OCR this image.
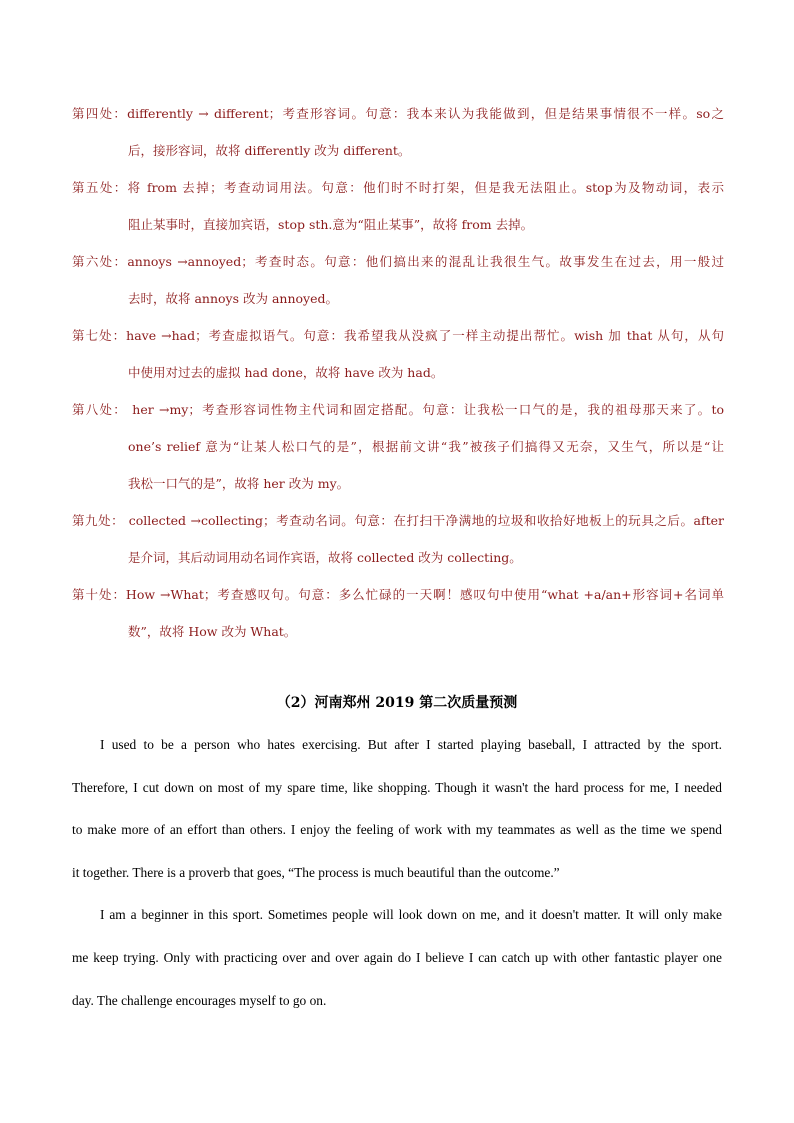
第四处：differently → different；考查形容词。句意：我本来认为我能做到，但是结果事情很不一样。so之
后，接形容词，故将 differently 改为 different。
第五处：将 from 去掉；考查动词用法。句意：他们时不时打架，但是我无法阻止。stop为及物动词，表示
阻止某事时，直接加宾语，stop sth.意为“阻止某事”，故将 from 去掉。
第六处：annoys →annoyed；考查时态。句意：他们搞出来的混乱让我很生气。故事发生在过去，用一般过
去时，故将 annoys 改为 annoyed。
第七处：have →had；考查虚拟语气。句意：我希望我从没疯了一样主动提出帮忙。wish 加 that 从句，从句
中使用对过去的虚拟 had done，故将 have 改为 had。
第八处： her →my；考查形容词性物主代词和固定搭配。句意：让我松一口气的是，我的祖母那天来了。to
one’s relief 意为“让某人松口气的是”，根据前文讲“我”被孩子们搞得又无奈，又生气，所以是“让
我松一口气的是”，故将 her 改为 my。
第九处： collected →collecting；考查动名词。句意：在打扫干净满地的垃圾和收拾好地板上的玩具之后。after
是介词，其后动词用动名词作宾语，故将 collected 改为 collecting。
第十处：How →What；考查感叹句。句意：多么忙碌的一天啊！感叹句中使用“what +a/an+形容词+名词单
数”，故将 How 改为 What。
（2）河南郑州 2019 第二次质量预测
I used to be a person who hates exercising. But after I started playing baseball, I attracted by the sport.
Therefore, I cut down on most of my spare time, like shopping. Though it wasn't the hard process for me, I needed
to make more of an effort than others. I enjoy the feeling of work with my teammates as well as the time we spend
it together. There is a proverb that goes, “The process is much beautiful than the outcome.”
I am a beginner in this sport. Sometimes people will look down on me, and it doesn't matter. It will only make
me keep trying. Only with practicing over and over again do I believe I can catch up with other fantastic player one
day. The challenge encourages myself to go on.
